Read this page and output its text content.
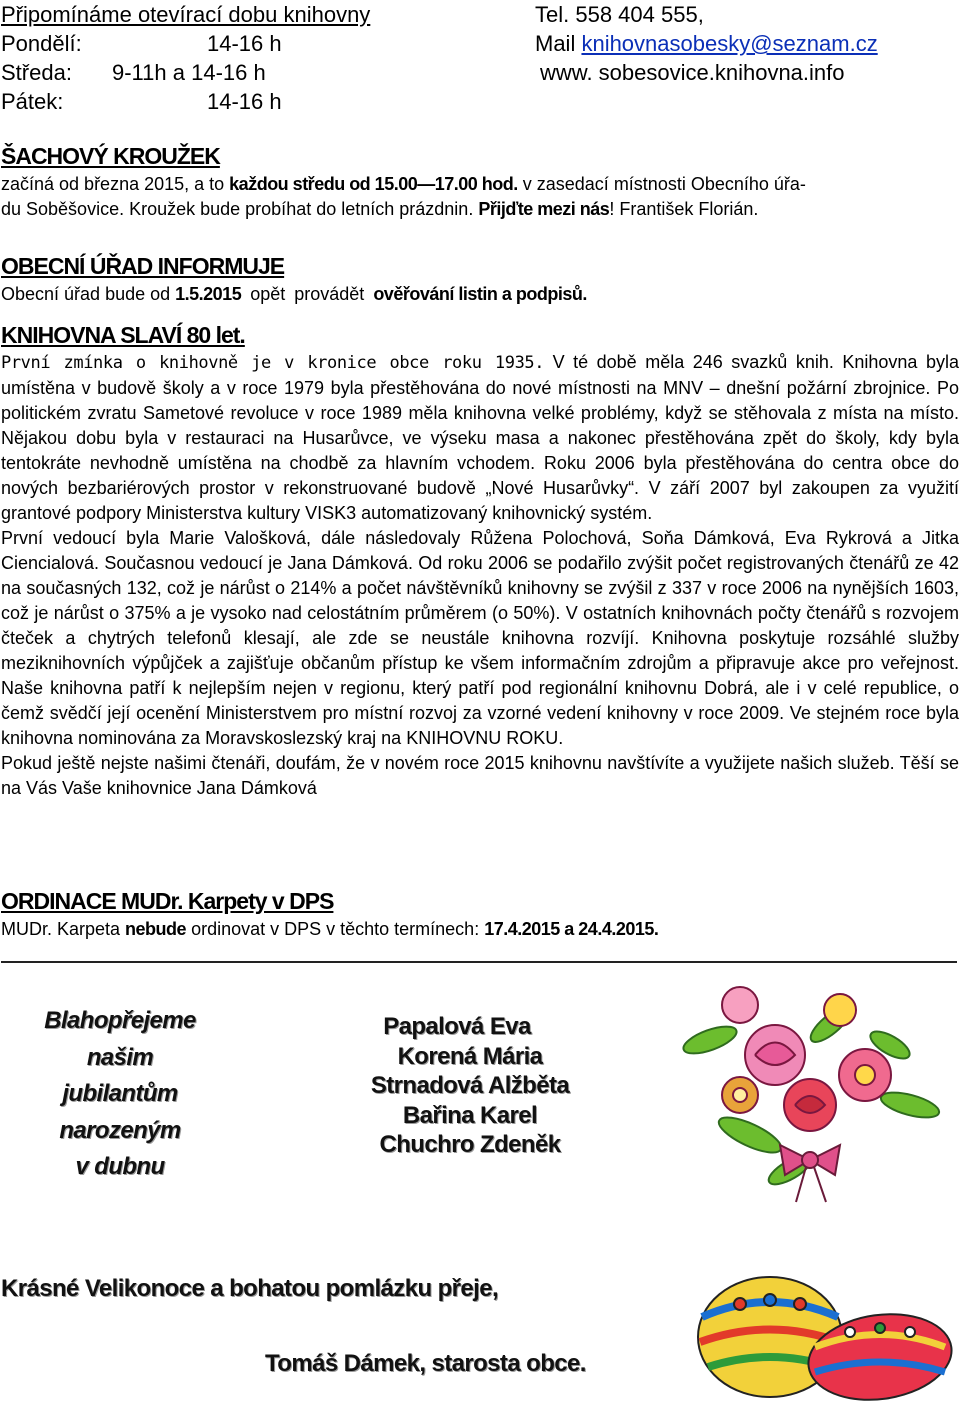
Připomínáme otevírací dobu knihovny
Pondělí:	14-16 h
Středa: 9-11h a 14-16 h
Pátek:	14-16 h
Tel. 558 404 555,
Mail knihovnasobesky@seznam.cz
www. sobesovice.knihovna.info
ŠACHOVÝ KROUŽEK
začíná od března 2015, a to každou středu od 15.00—17.00 hod. v zasedací místnosti Obecního úřa-
du Soběšovice. Kroužek bude probíhat do letních prázdnin. Přijďte mezi nás! František Florián.
OBECNÍ ÚŘAD INFORMUJE
Obecní úřad bude od 1.5.2015 opět provádět ověřování listin a podpisů.
KNIHOVNA SLAVÍ 80 let.
První zmínka o knihovně je v kronice obce roku 1935. V té době měla 246 svazků knih. Knihovna byla umístěna v budově školy a v roce 1979 byla přestěhována do nové místnosti na MNV – dnešní požární zbrojnice. Po politickém zvratu Sametové revoluce v roce 1989 měla knihovna velké problémy, když se stěhovala z místa na místo. Nějakou dobu byla v restauraci na Husarůvce, ve výseku masa a nakonec přestěhována zpět do školy, kdy byla tentokráte nevhodně umístěna na chodbě za hlavním vchodem. Roku 2006 byla přestěhována do centra obce do nových bezbariérových prostor v rekonstruované budově „Nové Husarůvky“. V září 2007 byl zakoupen za využití grantové podpory Ministerstva kultury VISK3 automatizovaný knihovnický systém.
První vedoucí byla Marie Valošková, dále následovaly Růžena Polochová, Soňa Dámková, Eva Rykrová a Jitka Ciencialová. Současnou vedoucí je Jana Dámková. Od roku 2006 se podařilo zvýšit počet registrovaných čtenářů ze 42 na současných 132, což je nárůst o 214% a počet návštěvníků knihovny se zvýšil z 337 v roce 2006 na nynějších 1603, což je nárůst o 375% a je vysoko nad celostátním průměrem (o 50%). V ostatních knihovnách počty čtenářů s rozvojem čteček a chytrých telefonů klesají, ale zde se neustále knihovna rozvíjí. Knihovna poskytuje rozsáhlé služby meziknihovních výpůjček a zajišťuje občanům přístup ke všem informačním zdrojům a připravuje akce pro veřejnost. Naše knihovna patří k nejlepším nejen v regionu, který patří pod regionální knihovnu Dobrá, ale i v celé republice, o čemž svědčí její ocenění Ministerstvem pro místní rozvoj za vzorné vedení knihovny v roce 2009. Ve stejném roce byla knihovna nominována za Moravskoslezský kraj na KNIHOVNU ROKU.
Pokud ještě nejste našimi čtenáři, doufám, že v novém roce 2015 knihovnu navštívíte a využijete našich služeb. Těší se na Vás Vaše knihovnice Jana Dámková
ORDINACE MUDr. Karpety v DPS
MUDr. Karpeta nebude ordinovat v DPS v těchto termínech: 17.4.2015 a 24.4.2015.
Blahopřejeme
našim
jubilantům
narozeným
v dubnu
Papalová Eva
Korená Mária
Strnadová Alžběta
Bařina Karel
Chuchro Zdeněk
Krásné Velikonoce a bohatou pomlázku přeje,
Tomáš Dámek, starosta obce.
